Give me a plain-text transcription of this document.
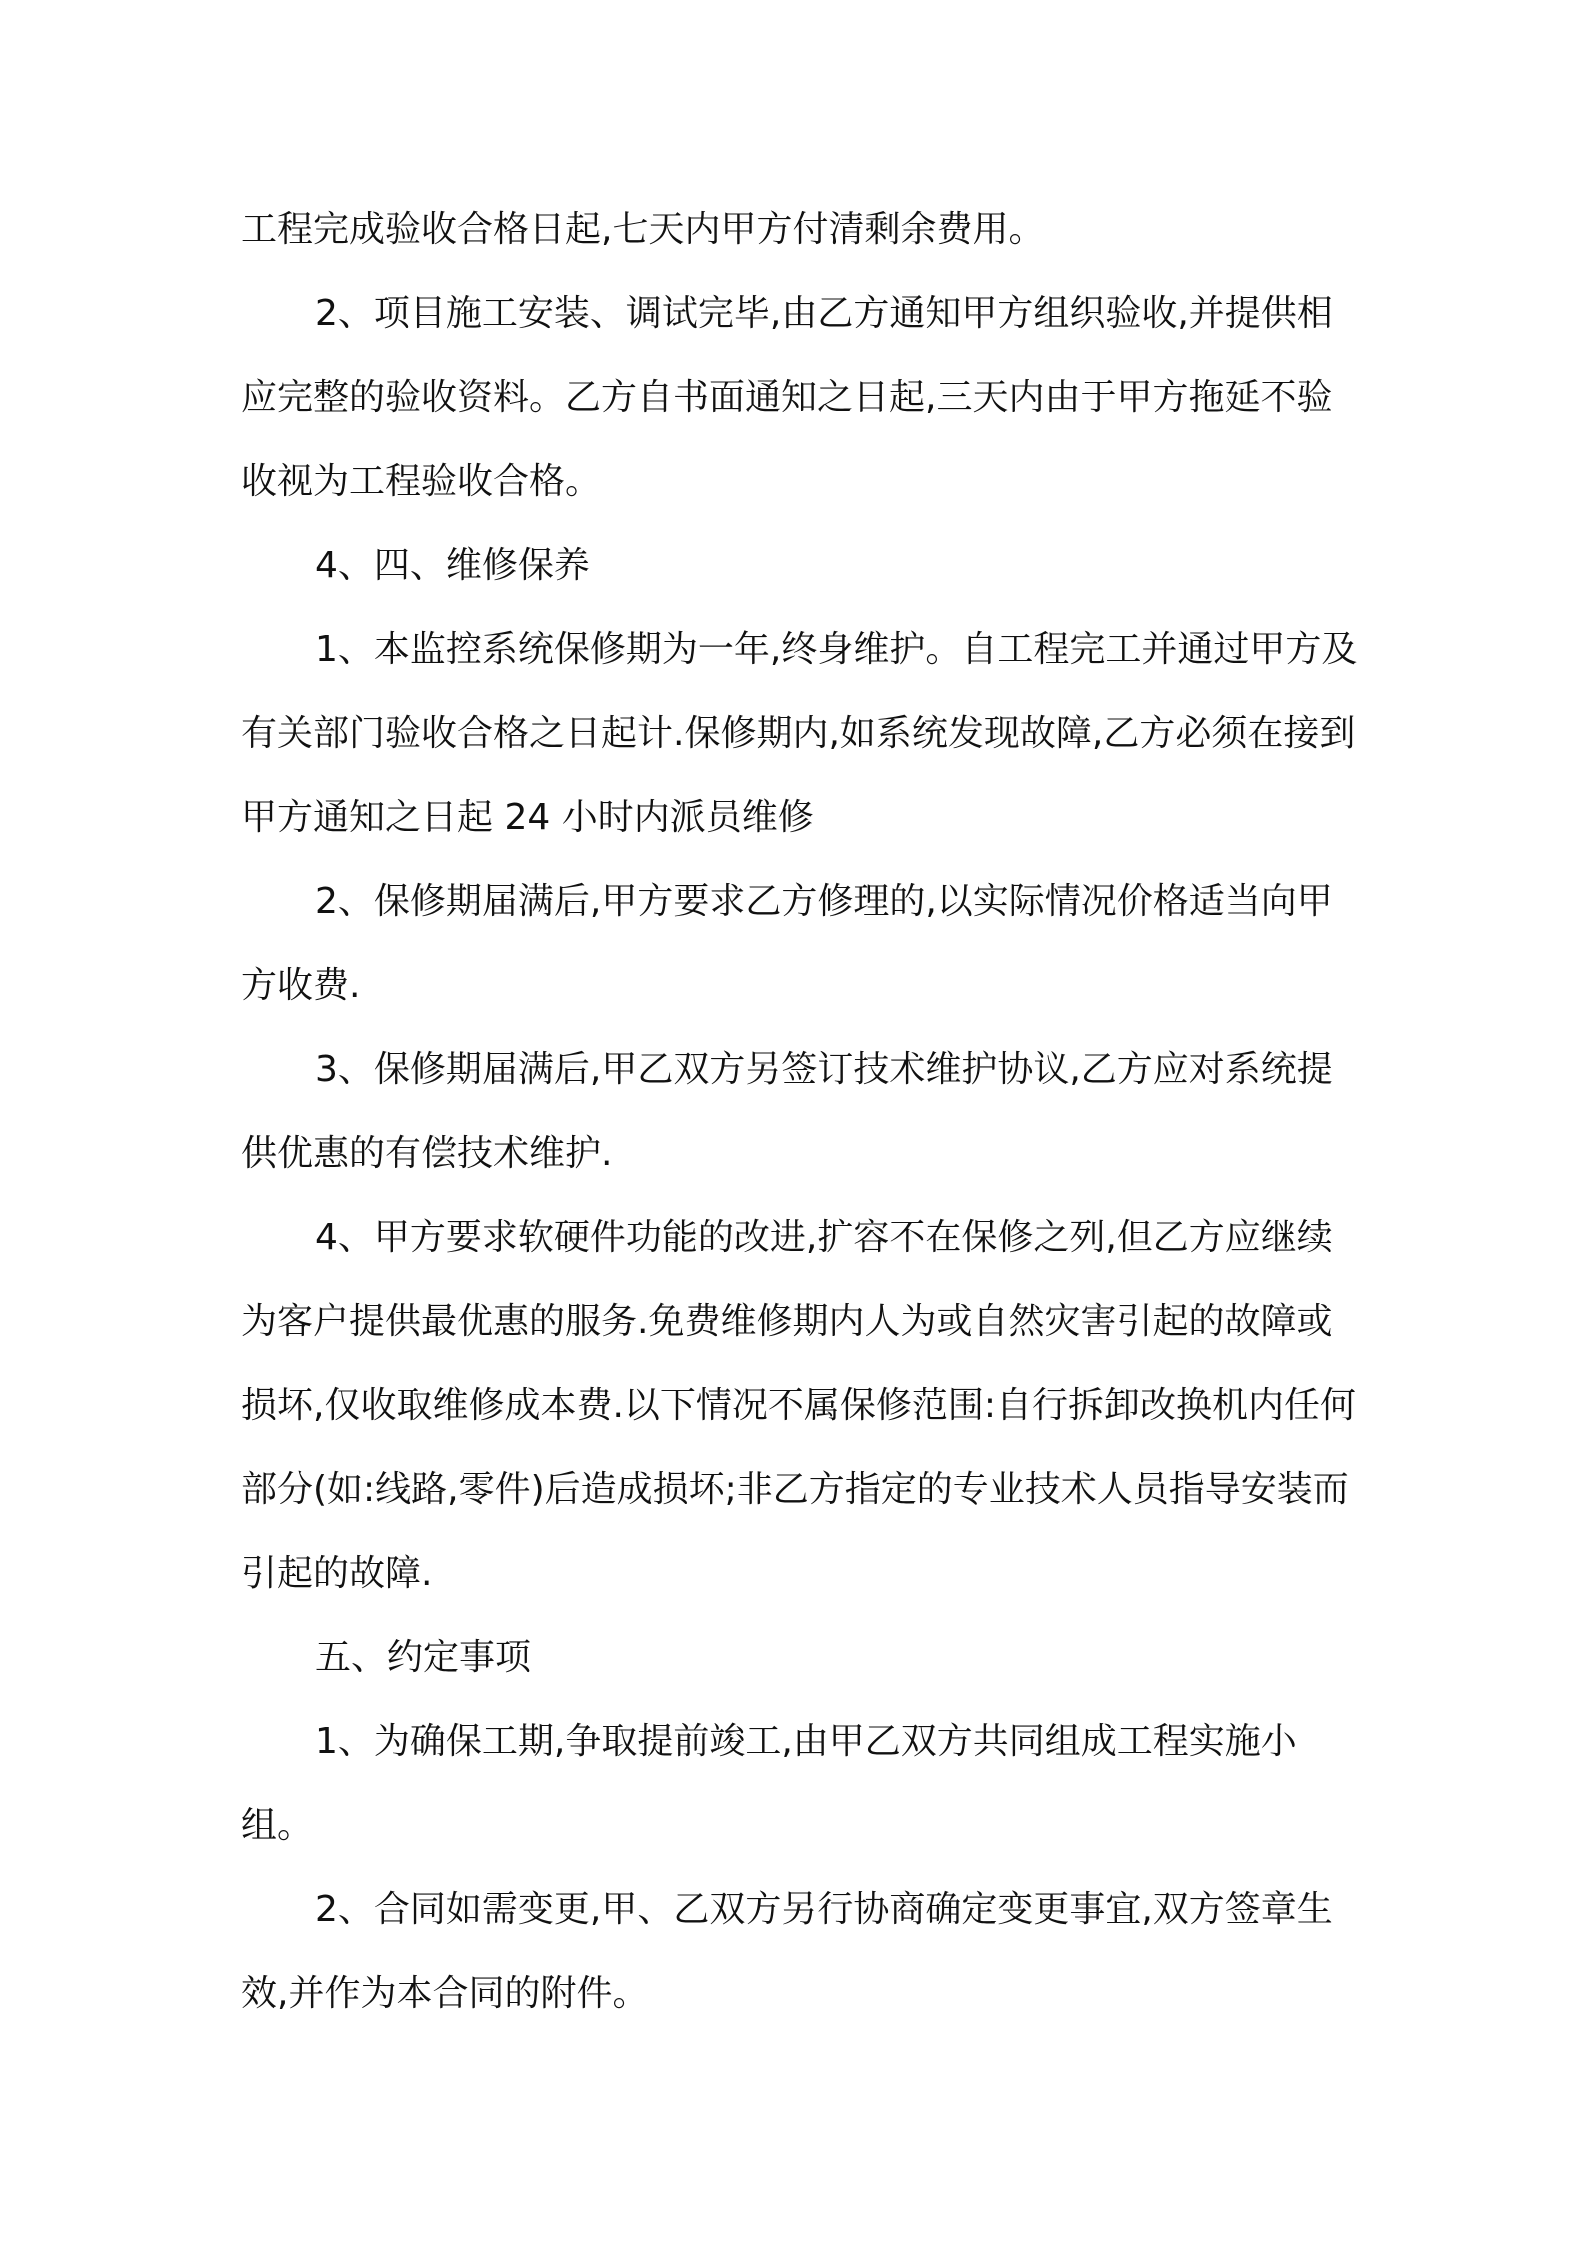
工程完成验收合格日起,七天内甲方付清剩余费用。

2、项目施工安装、调试完毕,由乙方通知甲方组织验收,并提供相应完整的验收资料。乙方自书面通知之日起,三天内由于甲方拖延不验收视为工程验收合格。

4、四、维修保养

1、本监控系统保修期为一年,终身维护。自工程完工并通过甲方及有关部门验收合格之日起计.保修期内,如系统发现故障,乙方必须在接到甲方通知之日起 24 小时内派员维修

2、保修期届满后,甲方要求乙方修理的,以实际情况价格适当向甲方收费.

3、保修期届满后,甲乙双方另签订技术维护协议,乙方应对系统提供优惠的有偿技术维护.

4、甲方要求软硬件功能的改进,扩容不在保修之列,但乙方应继续为客户提供最优惠的服务.免费维修期内人为或自然灾害引起的故障或损坏,仅收取维修成本费.以下情况不属保修范围:自行拆卸改换机内任何部分(如:线路,零件)后造成损坏;非乙方指定的专业技术人员指导安装而引起的故障.

五、约定事项

1、为确保工期,争取提前竣工,由甲乙双方共同组成工程实施小组。

2、合同如需变更,甲、乙双方另行协商确定变更事宜,双方签章生效,并作为本合同的附件。
